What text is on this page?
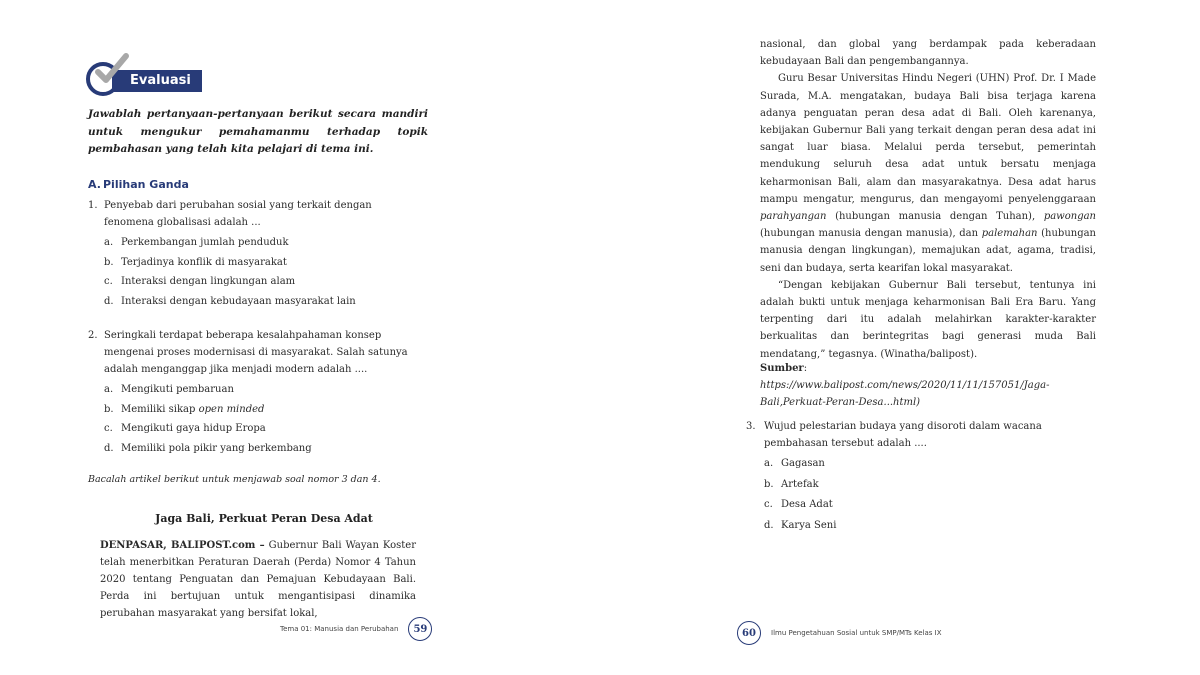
Evaluasi
Jawablah pertanyaan-pertanyaan berikut secara mandiri untuk mengukur pemahamanmu terhadap topik pembahasan yang telah kita pelajari di tema ini.
A. Pilihan Ganda
1. Penyebab dari perubahan sosial yang terkait dengan fenomena globalisasi adalah ...
a. Perkembangan jumlah penduduk
b. Terjadinya konflik di masyarakat
c. Interaksi dengan lingkungan alam
d. Interaksi dengan kebudayaan masyarakat lain
2. Seringkali terdapat beberapa kesalahpahaman konsep mengenai proses modernisasi di masyarakat. Salah satunya adalah menganggap jika menjadi modern adalah ....
a. Mengikuti pembaruan
b. Memiliki sikap open minded
c. Mengikuti gaya hidup Eropa
d. Memiliki pola pikir yang berkembang
Bacalah artikel berikut untuk menjawab soal nomor 3 dan 4.
Jaga Bali, Perkuat Peran Desa Adat
DENPASAR, BALIPOST.com – Gubernur Bali Wayan Koster telah menerbitkan Peraturan Daerah (Perda) Nomor 4 Tahun 2020 tentang Penguatan dan Pemajuan Kebudayaan Bali. Perda ini bertujuan untuk mengantisipasi dinamika perubahan masyarakat yang bersifat lokal,
Tema 01: Manusia dan Perubahan	59

nasional, dan global yang berdampak pada keberadaan kebudayaan Bali dan pengembangannya.

Guru Besar Universitas Hindu Negeri (UHN) Prof. Dr. I Made Surada, M.A. mengatakan, budaya Bali bisa terjaga karena adanya penguatan peran desa adat di Bali. Oleh karenanya, kebijakan Gubernur Bali yang terkait dengan peran desa adat ini sangat luar biasa. Melalui perda tersebut, pemerintah mendukung seluruh desa adat untuk bersatu menjaga keharmonisan Bali, alam dan masyarakatnya. Desa adat harus mampu mengatur, mengurus, dan mengayomi penyelenggaraan parahyangan (hubungan manusia dengan Tuhan), pawongan (hubungan manusia dengan manusia), dan palemahan (hubungan manusia dengan lingkungan), memajukan adat, agama, tradisi, seni dan budaya, serta kearifan lokal masyarakat.

“Dengan kebijakan Gubernur Bali tersebut, tentunya ini adalah bukti untuk menjaga keharmonisan Bali Era Baru. Yang terpenting dari itu adalah melahirkan karakter-karakter berkualitas dan berintegritas bagi generasi muda Bali mendatang,” tegasnya. (Winatha/balipost).

Sumber: https://www.balipost.com/news/2020/11/11/157051/Jaga-Bali,Perkuat-Peran-Desa...html)
3. Wujud pelestarian budaya yang disoroti dalam wacana pembahasan tersebut adalah ....
a. Gagasan
b. Artefak
c. Desa Adat
d. Karya Seni
60	Ilmu Pengetahuan Sosial untuk SMP/MTs Kelas IX
